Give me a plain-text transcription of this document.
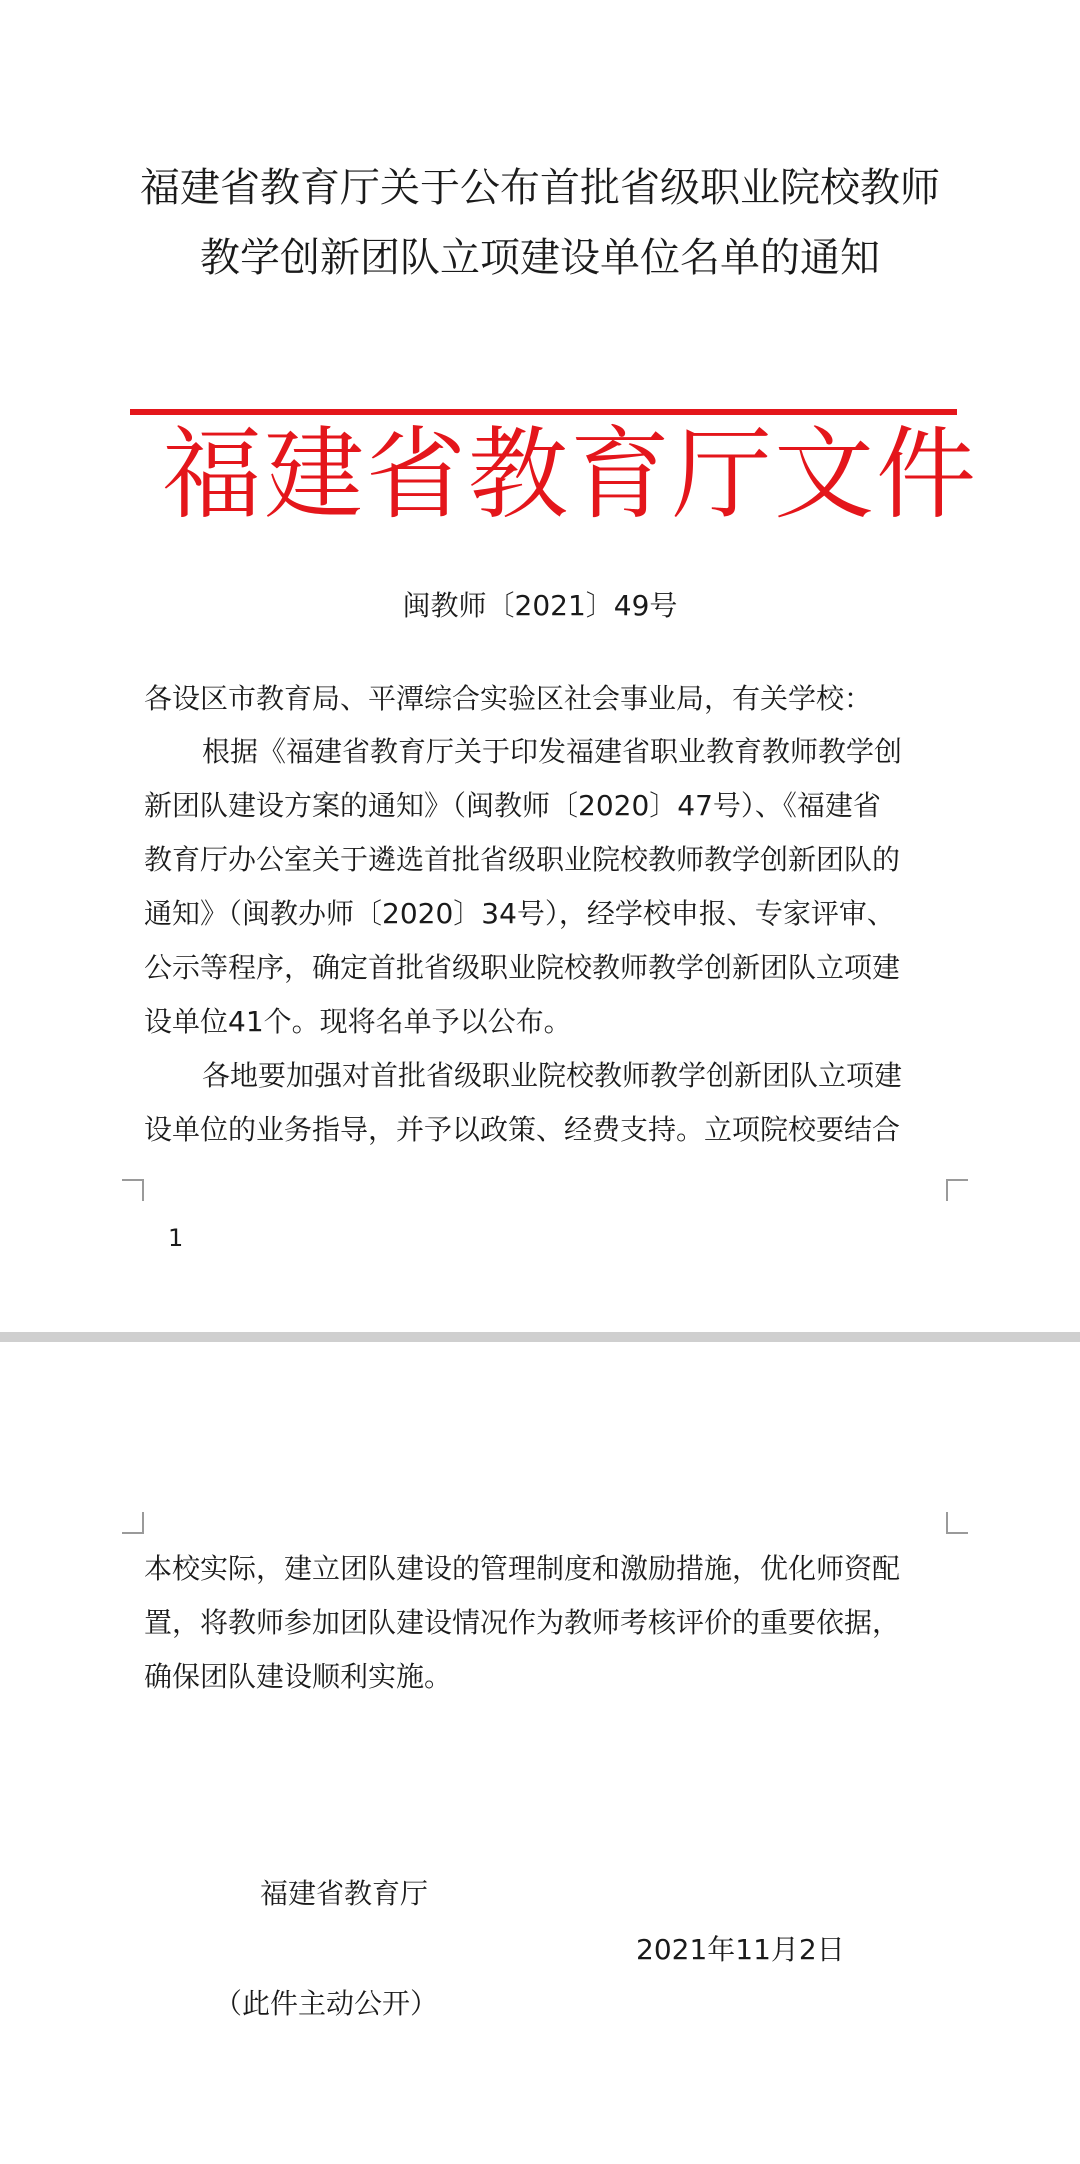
福建省教育厅关于公布首批省级职业院校教师
教学创新团队立项建设单位名单的通知
福建省教育厅文件
闽教师〔2021〕49号
各设区市教育局、平潭综合实验区社会事业局，有关学校：
根据《福建省教育厅关于印发福建省职业教育教师教学创
新团队建设方案的通知》（闽教师〔2020〕47号）、《福建省
教育厅办公室关于遴选首批省级职业院校教师教学创新团队的
通知》（闽教办师〔2020〕34号），经学校申报、专家评审、
公示等程序，确定首批省级职业院校教师教学创新团队立项建
设单位41个。现将名单予以公布。
各地要加强对首批省级职业院校教师教学创新团队立项建
设单位的业务指导，并予以政策、经费支持。立项院校要结合
1
本校实际，建立团队建设的管理制度和激励措施，优化师资配
置，将教师参加团队建设情况作为教师考核评价的重要依据，
确保团队建设顺利实施。
福建省教育厅
2021年11月2日
（此件主动公开）
